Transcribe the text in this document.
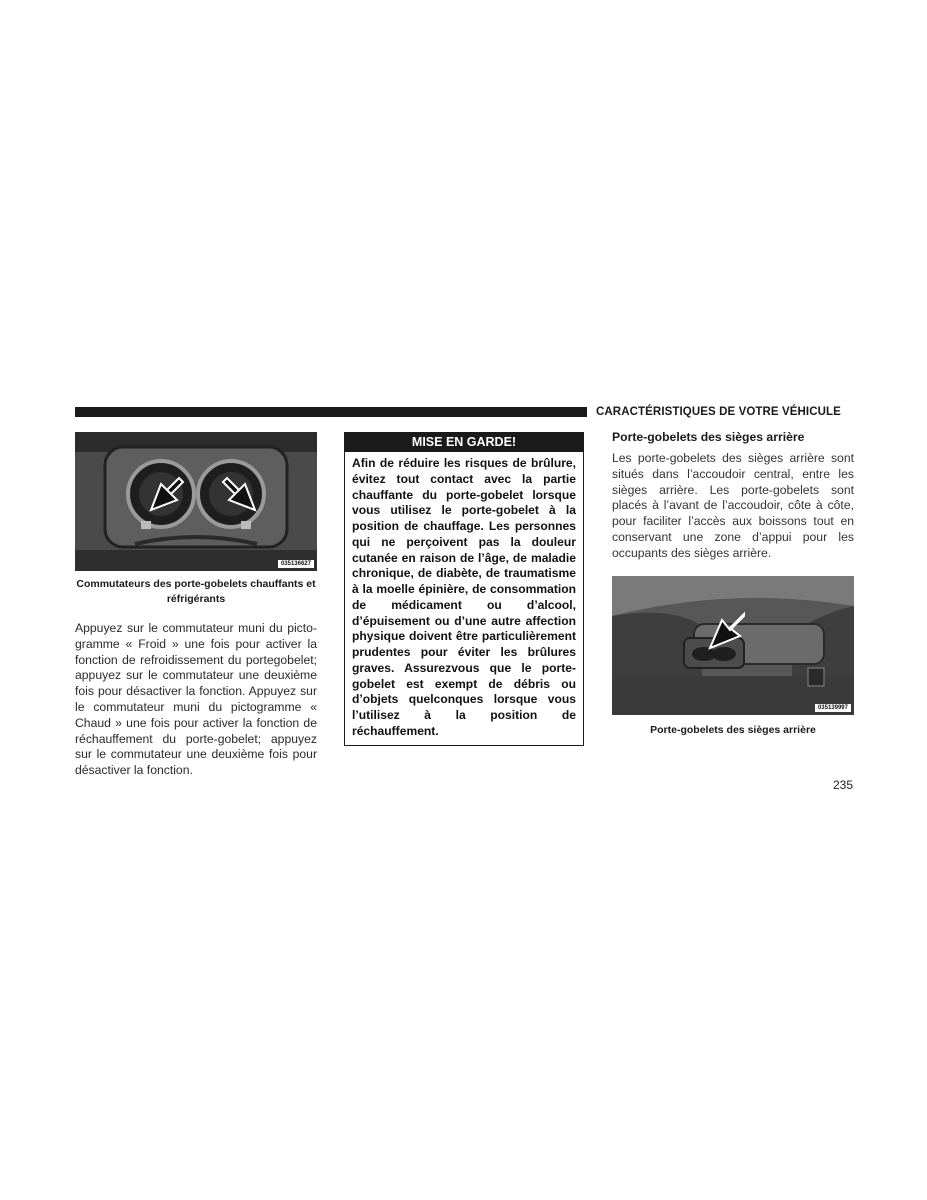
CARACTÉRISTIQUES DE VOTRE VÉHICULE
035136627
Commutateurs des porte-gobelets chauffants et réfrigérants

Appuyez sur le commutateur muni du pictogramme « Froid » une fois pour activer la fonction de refroidissement du portegobelet; appuyez sur le commutateur une deuxième fois pour désactiver la fonction. Appuyez sur le commutateur muni du pictogramme « Chaud » une fois pour activer la fonction de réchauffement du porte-gobelet; appuyez sur le commutateur une deuxième fois pour désactiver la fonction.

MISE EN GARDE!
Afin de réduire les risques de brûlure, évitez tout contact avec la partie chauffante du porte-gobelet lorsque vous utilisez le porte-gobelet à la position de chauffage. Les personnes qui ne perçoivent pas la douleur cutanée en raison de l’âge, de maladie chronique, de diabète, de traumatisme à la moelle épinière, de consommation de médicament ou d’alcool, d’épuisement ou d’une autre affection physique doivent être particulièrement prudentes pour éviter les brûlures graves. Assurezvous que le porte-gobelet est exempt de débris ou d’objets quelconques lorsque vous l’utilisez à la position de réchauffement.
Porte-gobelets des sièges arrière

Les porte-gobelets des sièges arrière sont situés dans l’accoudoir central, entre les sièges arrière. Les porte-gobelets sont placés à l’avant de l’accoudoir, côte à côte, pour faciliter l’accès aux boissons tout en conservant une zone d’appui pour les occupants des sièges arrière.

035139997
Porte-gobelets des sièges arrière
235
